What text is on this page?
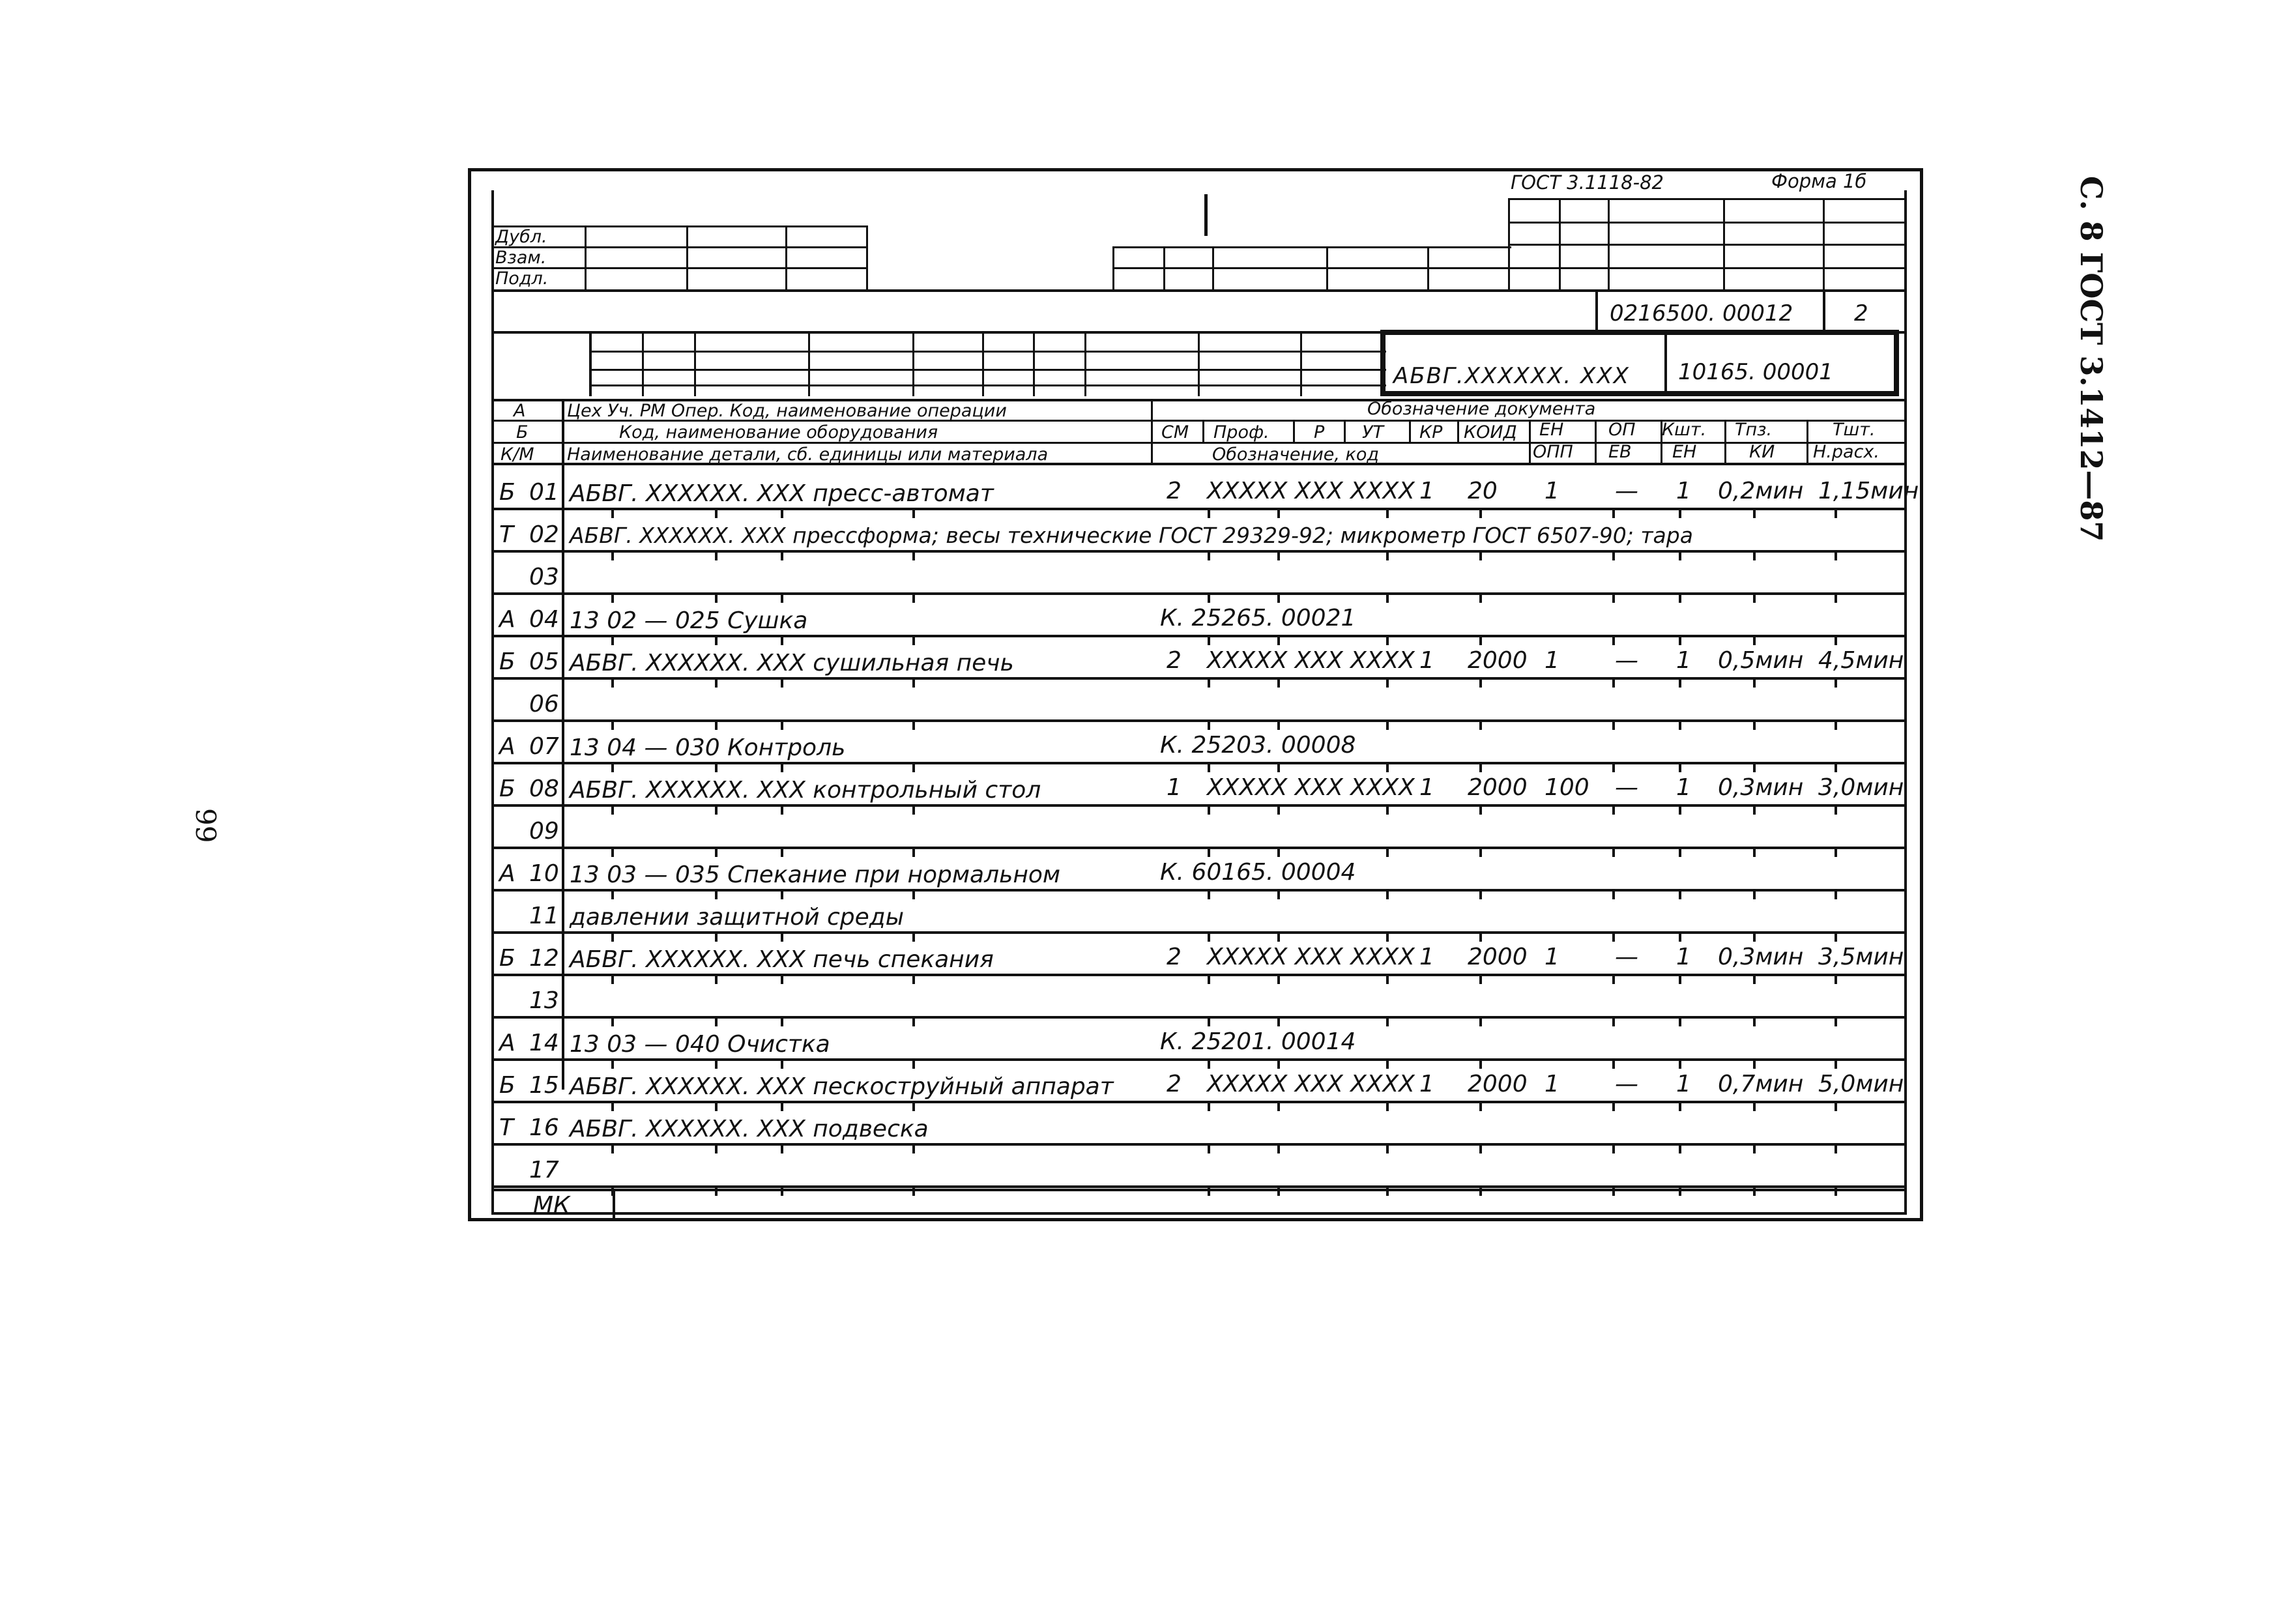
С. 8 ГОСТ 3.1412—87
99
ГОСТ 3.1118-82	Форма 1б
Дубл.
Взам.
Подл.
0216500. 00012	2
АБВГ.XXXXXX. XXX 10165. 00001
А
Б
К/М
Цех Уч. РМ Опер. Код, наименование операции
Код, наименование оборудования
Наименование детали, сб. единицы или материала
Обозначение документа
СМ Проф.	Р УТ КР КОИД ЕН	ОП Кшт. Тпз.	Тшт.
Обозначение, код	ОПП ЕВ ЕН	КИ Н.расх.
Б 01 АБВГ. XXXXXX. XXX пресс-автомат	2 XXXXX XXX XXXX 1 20 1 — 1 0,2мин 1,15мин
Т 02 АБВГ. XXXXXX. XXX прессформа; весы технические ГОСТ 29329-92; микрометр ГОСТ 6507-90; тара
03
А 04 13 02 — 025 Сушка	К. 25265. 00021
Б 05 АБВГ. XXXXXX. XXX сушильная печь	2 XXXXX XXX XXXX 1 2000 1 — 1 0,5мин 4,5мин
06
А 07 13 04 — 030 Контроль	К. 25203. 00008
Б 08 АБВГ. XXXXXX. XXX контрольный стол	1 XXXXX XXX XXXX 1 2000 100 — 1 0,3мин 3,0мин
09
А 10 13 03 — 035 Спекание при нормальном	К. 60165. 00004
11 давлении защитной среды
Б 12 АБВГ. XXXXXX. XXX печь спекания	2 XXXXX XXX XXXX 1 2000 1 — 1 0,3мин 3,5мин
13
А 14 13 03 — 040 Очистка	К. 25201. 00014
Б 15 АБВГ. XXXXXX. XXX пескоструйный аппарат 2 XXXXX XXX XXXX 1 2000 1 — 1 0,7мин 5,0мин
Т 16 АБВГ. XXXXXX. XXX подвеска
17
МК
